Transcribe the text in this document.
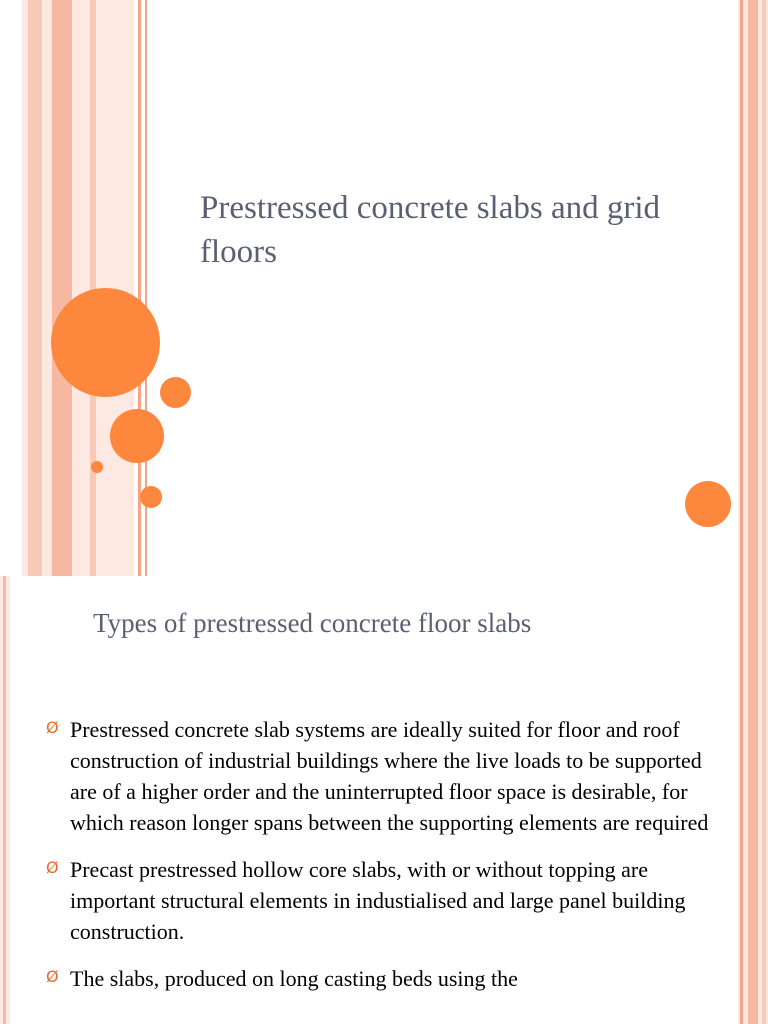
Prestressed concrete slabs and grid floors
Types of prestressed concrete floor slabs
Ø Prestressed concrete slab systems are ideally suited for floor and roof construction of industrial buildings where the live loads to be supported are of a higher order and the uninterrupted floor space is desirable, for which reason longer spans between the supporting elements are required
Ø Precast prestressed hollow core slabs, with or without topping are important structural elements in industialised and large panel building construction.
Ø The slabs, produced on long casting beds using the
